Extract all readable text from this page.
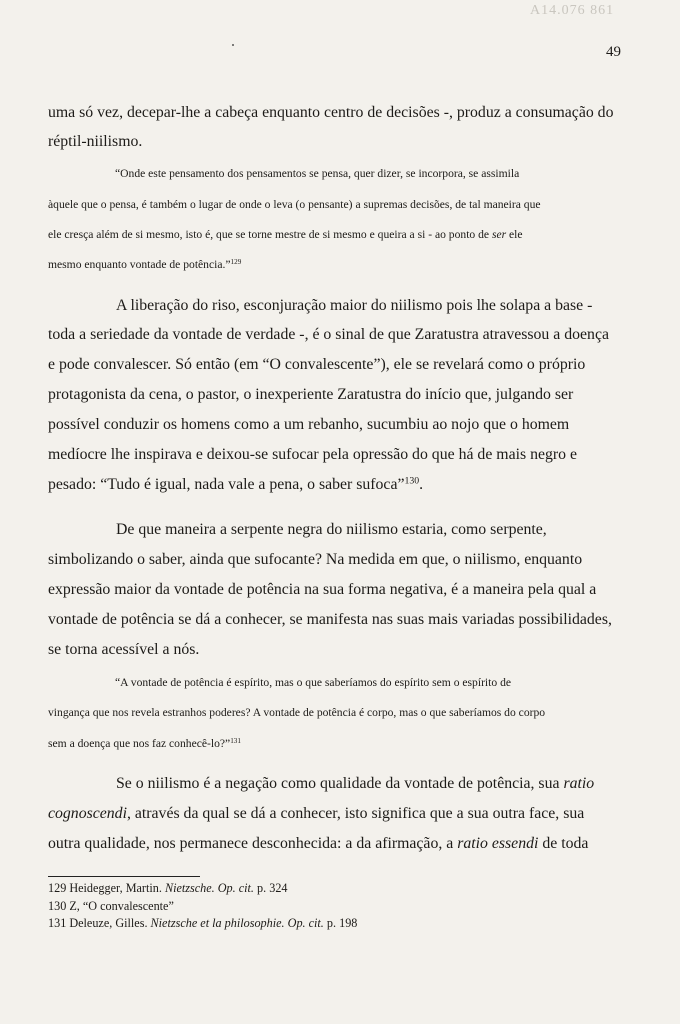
A14.076 861
49
uma só vez, decepar-lhe a cabeça enquanto centro de decisões -, produz a consumação do
réptil-niilismo.
“Onde este pensamento dos pensamentos se pensa, quer dizer, se incorpora, se assimila
àquele que o pensa, é também o lugar de onde o leva (o pensante) a supremas decisões, de tal maneira que
ele cresça além de si mesmo, isto é, que se torne mestre de si mesmo e queira a si - ao ponto de ser ele
mesmo enquanto vontade de potência.”$^{129}$
A liberação do riso, esconjuração maior do niilismo pois lhe solapa a base -
toda a seriedade da vontade de verdade -, é o sinal de que Zaratustra atravessou a doença
e pode convalescer. Só então (em “O convalescente”), ele se revelará como o próprio
protagonista da cena, o pastor, o inexperiente Zaratustra do início que, julgando ser
possível conduzir os homens como a um rebanho, sucumbiu ao nojo que o homem
medíocre lhe inspirava e deixou-se sufocar pela opressão do que há de mais negro e
pesado: “Tudo é igual, nada vale a pena, o saber sufoca”$^{130}$.
De que maneira a serpente negra do niilismo estaria, como serpente,
simbolizando o saber, ainda que sufocante? Na medida em que, o niilismo, enquanto
expressão maior da vontade de potência na sua forma negativa, é a maneira pela qual a
vontade de potência se dá a conhecer, se manifesta nas suas mais variadas possibilidades,
se torna acessível a nós.
“A vontade de potência é espírito, mas o que saberíamos do espírito sem o espírito de
vingança que nos revela estranhos poderes? A vontade de potência é corpo, mas o que saberíamos do corpo
sem a doença que nos faz conhecê-lo?”$^{131}$
Se o niilismo é a negação como qualidade da vontade de potência, sua ratio
cognoscendi, através da qual se dá a conhecer, isto significa que a sua outra face, sua
outra qualidade, nos permanece desconhecida: a da afirmação, a ratio essendi de toda
129 Heidegger, Martin. Nietzsche. Op. cit. p. 324
130 Z, “O convalescente”
131 Deleuze, Gilles. Nietzsche et la philosophie. Op. cit. p. 198
